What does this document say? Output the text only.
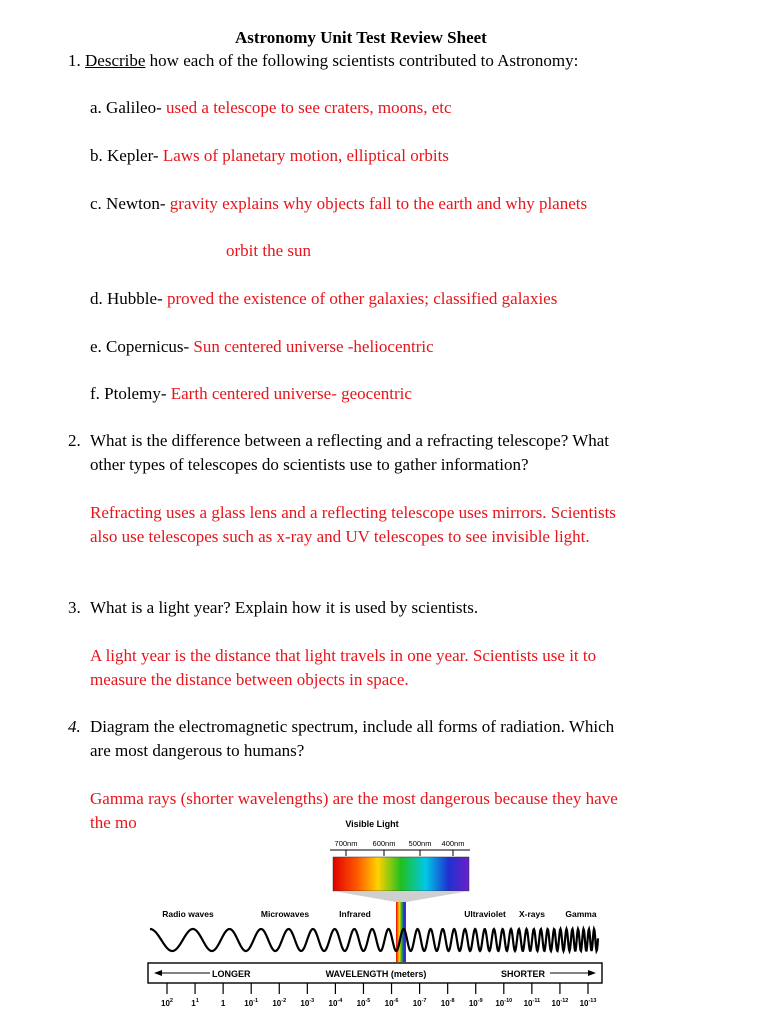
Astronomy Unit Test Review Sheet
1. Describe how each of the following scientists contributed to Astronomy:
a. Galileo- used a telescope to see craters, moons, etc
b. Kepler- Laws of planetary motion, elliptical orbits
c. Newton- gravity explains why objects fall to the earth and why planets
orbit the sun
d. Hubble- proved the existence of other galaxies; classified galaxies
e. Copernicus- Sun centered universe -heliocentric
f. Ptolemy- Earth centered universe- geocentric
2. What is the difference between a reflecting and a refracting telescope? What
other types of telescopes do scientists use to gather information?
Refracting uses a glass lens and a reflecting telescope uses mirrors. Scientists
also use telescopes such as x-ray and UV telescopes to see invisible light.
3. What is a light year? Explain how it is used by scientists.
A light year is the distance that light travels in one year. Scientists use it to
measure the distance between objects in space.
4. Diagram the electromagnetic spectrum, include all forms of radiation. Which
are most dangerous to humans?
Gamma rays (shorter wavelengths) are the most dangerous because they have
the mo	Visible Light
700nm 600nm 500nm 400nm
Radio waves	Microwaves	Infrared	Ultraviolet X-rays Gamma
LONGER	WAVELENGTH (meters)	SHORTER
$10^2$ $1^1$	1 $10^{-1}$ $10^{-2}$ $10^{-3}$ $10^{-4}$ $10^{-5}$ $10^{-6}$ $10^{-7}$ $10^{-8}$ $10^{-9}$ $10^{-10}$ $10^{-11}$ $10^{-12}$ $10^{-13}$
